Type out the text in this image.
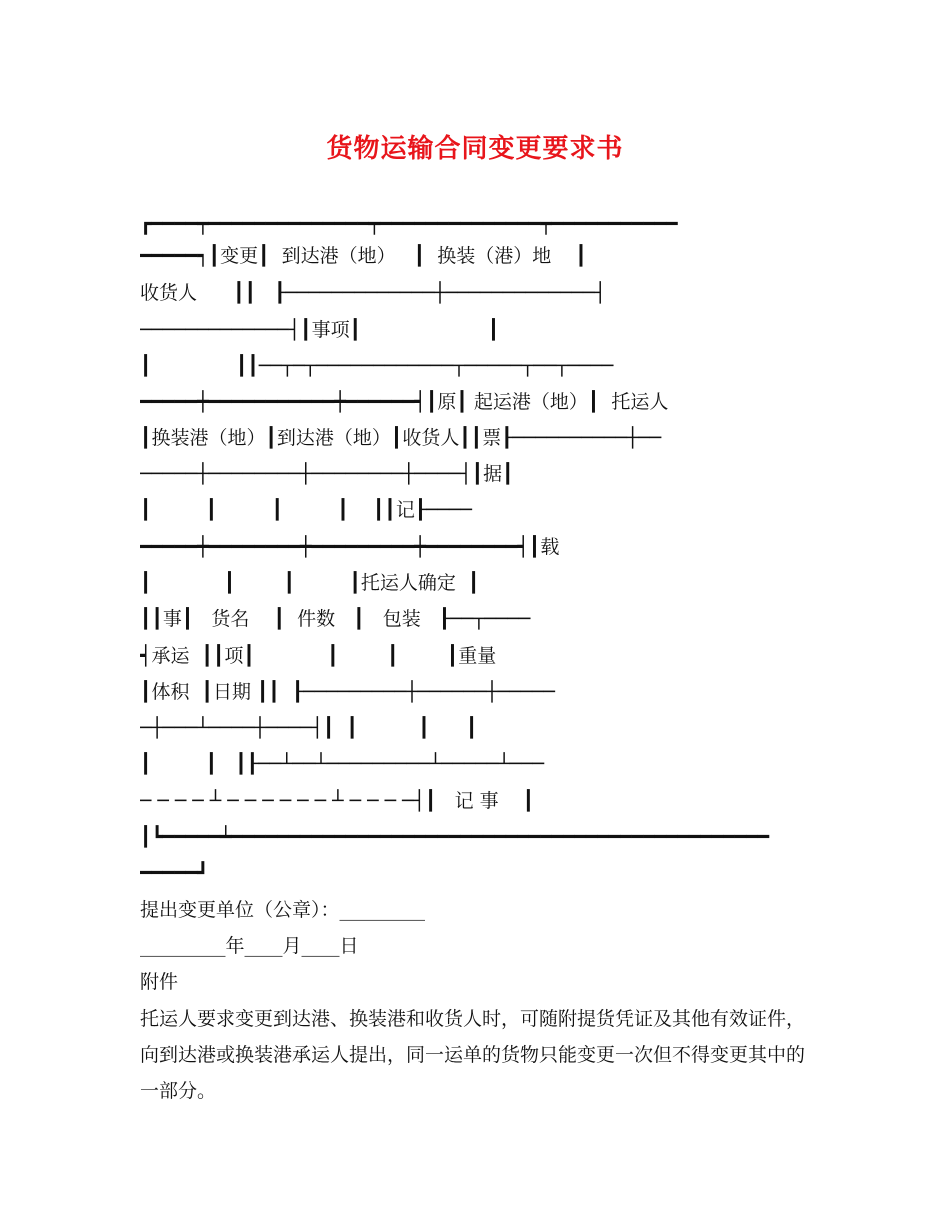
货物运输合同变更要求书
┏━━━━┯━━━━━━━━━━━━━━┯━━━━━━━━━━━━━━┯━━━━━━━━━━━
━━━━━┑┃变更┃  到达港（地）   ┃  换装（港）地    ┃
收货人      ┃┃   ┠─────────────┼─────────────┤
─────────────┤┃事项┃                     ┃
┃              ┃┃──┬─┬────────────┬─────┬──┬────
━━━━━┿━━━━━━━━━━━┿━━━━━━┥┃原┃ 起运港（地）┃  托运人
┃换装港（地）┃到达港（地）┃收货人┃┃票┠──────────┼──
─────┼────────┼────────┼────┤┃据┃
┃         ┃         ┃         ┃    ┃┃记┠────
━━━━━┿━━━━━━━━┿━━━━━━━━━┿━━━━━━━━┥┃载
┃            ┃        ┃         ┃托运人确定  ┃
┃┃事┃   货名    ┃  件数   ┃   包装   ┠──┬────
┥承运  ┃┃项┃            ┃        ┃        ┃重量
┃体积  ┃日期 ┃┃  ┠─────────┼──────┼─────
─┼───┴────┼────┤┃  ┃          ┃      ┃
┃         ┃   ┃┠──┴──┴─────────┴─────┴───
─ ─ ─ ─ ┴ ─ ─ ─ ─ ─ ─ ┴ ─ ─ ─ ─┤┃   记 事    ┃
┃┗━━━━━┷━━━━━━━━━━━━━━━━━━━━━━━━━━━━━━━━━━━━━━━━━━━━━━━
━━━━━┛
提出变更单位（公章）：_________
_________年____月____日
附件
托运人要求变更到达港、换装港和收货人时，可随附提货凭证及其他有效证件，向到达港或换装港承运人提出，同一运单的货物只能变更一次但不得变更其中的一部分。
